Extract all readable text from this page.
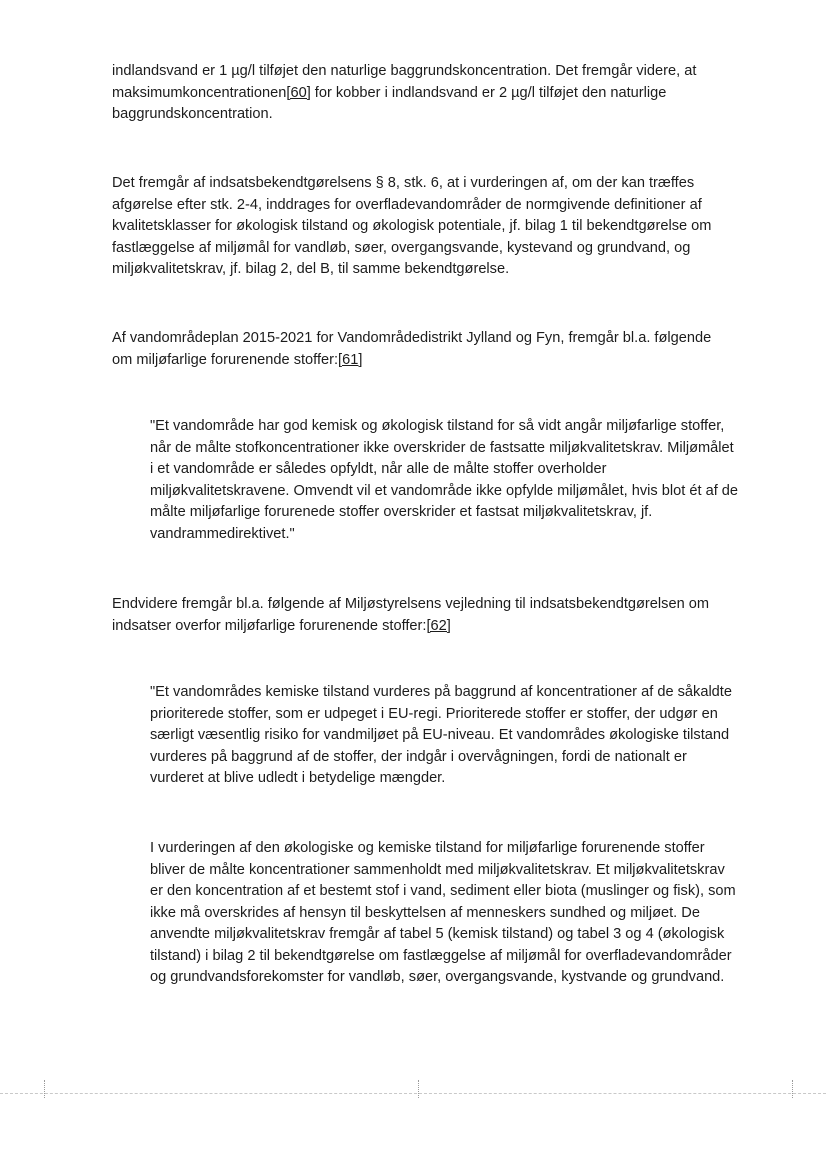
indlandsvand er 1 µg/l tilføjet den naturlige baggrundskoncentration. Det fremgår videre, at maksimumkoncentrationen[60] for kobber i indlandsvand er 2 µg/l tilføjet den naturlige baggrundskoncentration.

Det fremgår af indsatsbekendtgørelsens § 8, stk. 6, at i vurderingen af, om der kan træffes afgørelse efter stk. 2-4, inddrages for overfladevandområder de normgivende definitioner af kvalitetsklasser for økologisk tilstand og økologisk potentiale, jf. bilag 1 til bekendtgørelse om fastlæggelse af miljømål for vandløb, søer, overgangsvande, kystevand og grundvand, og miljøkvalitetskrav, jf. bilag 2, del B, til samme bekendtgørelse.

Af vandområdeplan 2015-2021 for Vandområdedistrikt Jylland og Fyn, fremgår bl.a. følgende om miljøfarlige forurenende stoffer:[61]

"Et vandområde har god kemisk og økologisk tilstand for så vidt angår miljøfarlige stoffer, når de målte stofkoncentrationer ikke overskrider de fastsatte miljøkvalitetskrav. Miljømålet i et vandområde er således opfyldt, når alle de målte stoffer overholder miljøkvalitetskravene. Omvendt vil et vandområde ikke opfylde miljømålet, hvis blot ét af de målte miljøfarlige forurenede stoffer overskrider et fastsat miljøkvalitetskrav, jf. vandrammedirektivet."

Endvidere fremgår bl.a. følgende af Miljøstyrelsens vejledning til indsatsbekendtgørelsen om indsatser overfor miljøfarlige forurenende stoffer:[62]

"Et vandområdes kemiske tilstand vurderes på baggrund af koncentrationer af de såkaldte prioriterede stoffer, som er udpeget i EU-regi. Prioriterede stoffer er stoffer, der udgør en særligt væsentlig risiko for vandmiljøet på EU-niveau. Et vandområdes økologiske tilstand vurderes på baggrund af de stoffer, der indgår i overvågningen, fordi de nationalt er vurderet at blive udledt i betydelige mængder.

I vurderingen af den økologiske og kemiske tilstand for miljøfarlige forurenende stoffer bliver de målte koncentrationer sammenholdt med miljøkvalitetskrav. Et miljøkvalitetskrav er den koncentration af et bestemt stof i vand, sediment eller biota (muslinger og fisk), som ikke må overskrides af hensyn til beskyttelsen af menneskers sundhed og miljøet. De anvendte miljøkvalitetskrav fremgår af tabel 5 (kemisk tilstand) og tabel 3 og 4 (økologisk tilstand) i bilag 2 til bekendtgørelse om fastlæggelse af miljømål for overfladevandområder og grundvandsforekomster for vandløb, søer, overgangsvande, kystvande og grundvand.
